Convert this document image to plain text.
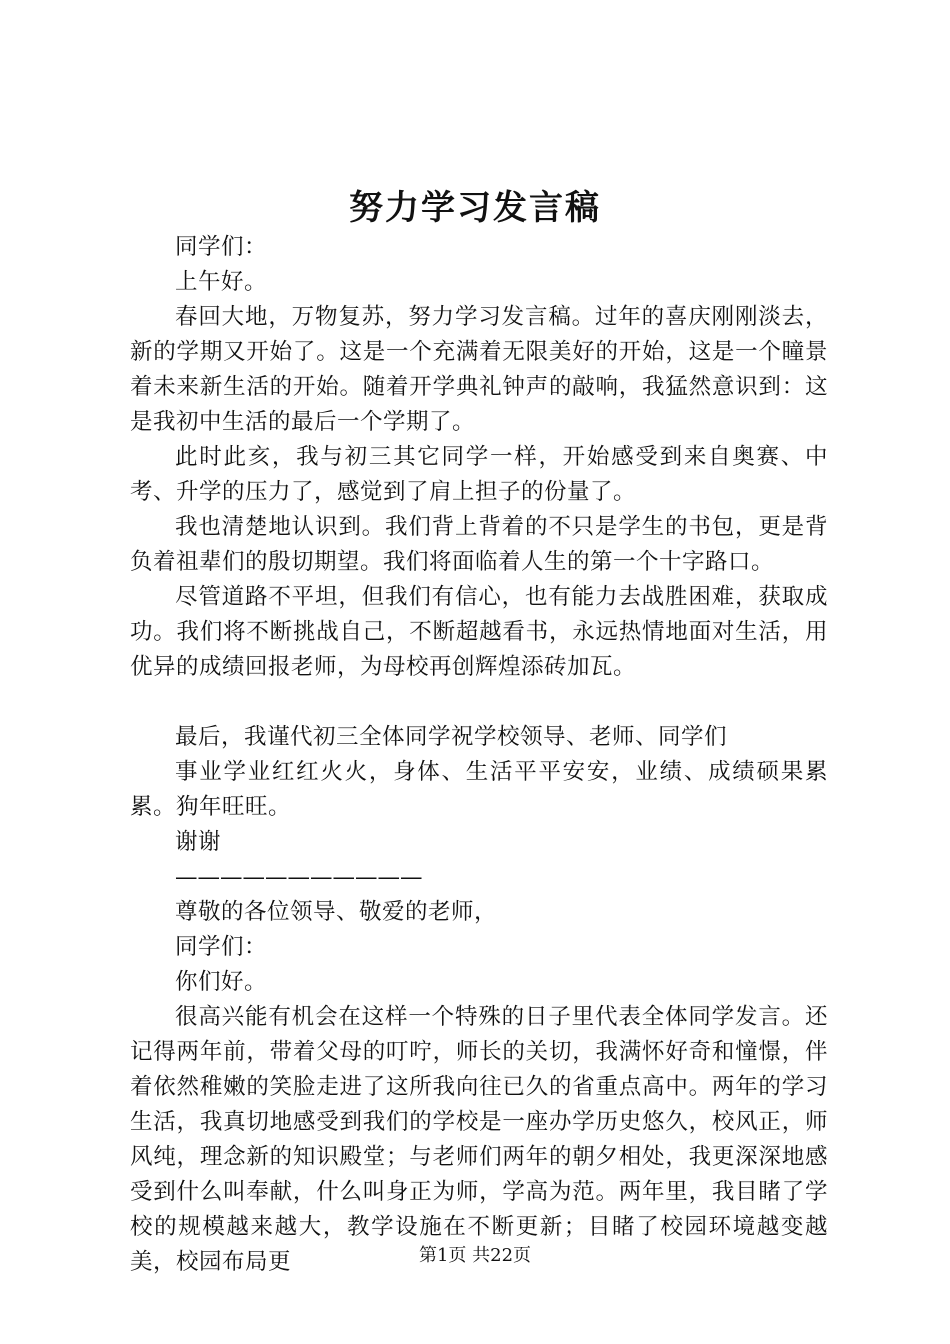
努力学习发言稿

同学们：

上午好。

春回大地，万物复苏，努力学习发言稿。过年的喜庆刚刚淡去，新的学期又开始了。这是一个充满着无限美好的开始，这是一个瞳景着未来新生活的开始。随着开学典礼钟声的敲响，我猛然意识到：这是我初中生活的最后一个学期了。

此时此亥，我与初三其它同学一样，开始感受到来自奥赛、中考、升学的压力了，感觉到了肩上担子的份量了。

我也清楚地认识到。我们背上背着的不只是学生的书包，更是背负着祖辈们的殷切期望。我们将面临着人生的第一个十字路口。

尽管道路不平坦，但我们有信心，也有能力去战胜困难，获取成功。我们将不断挑战自己，不断超越看书，永远热情地面对生活，用优异的成绩回报老师，为母校再创辉煌添砖加瓦。

最后，我谨代初三全体同学祝学校领导、老师、同学们

事业学业红红火火，身体、生活平平安安，业绩、成绩硕果累累。狗年旺旺。

谢谢

———————————

尊敬的各位领导、敬爱的老师，

同学们：

你们好。

很高兴能有机会在这样一个特殊的日子里代表全体同学发言。还记得两年前，带着父母的叮咛，师长的关切，我满怀好奇和憧憬，伴着依然稚嫩的笑脸走进了这所我向往已久的省重点高中。两年的学习生活，我真切地感受到我们的学校是一座办学历史悠久，校风正，师风纯，理念新的知识殿堂；与老师们两年的朝夕相处，我更深深地感受到什么叫奉献，什么叫身正为师，学高为范。两年里，我目睹了学校的规模越来越大，教学设施在不断更新；目睹了校园环境越变越美，校园布局更	第1页 共22页
